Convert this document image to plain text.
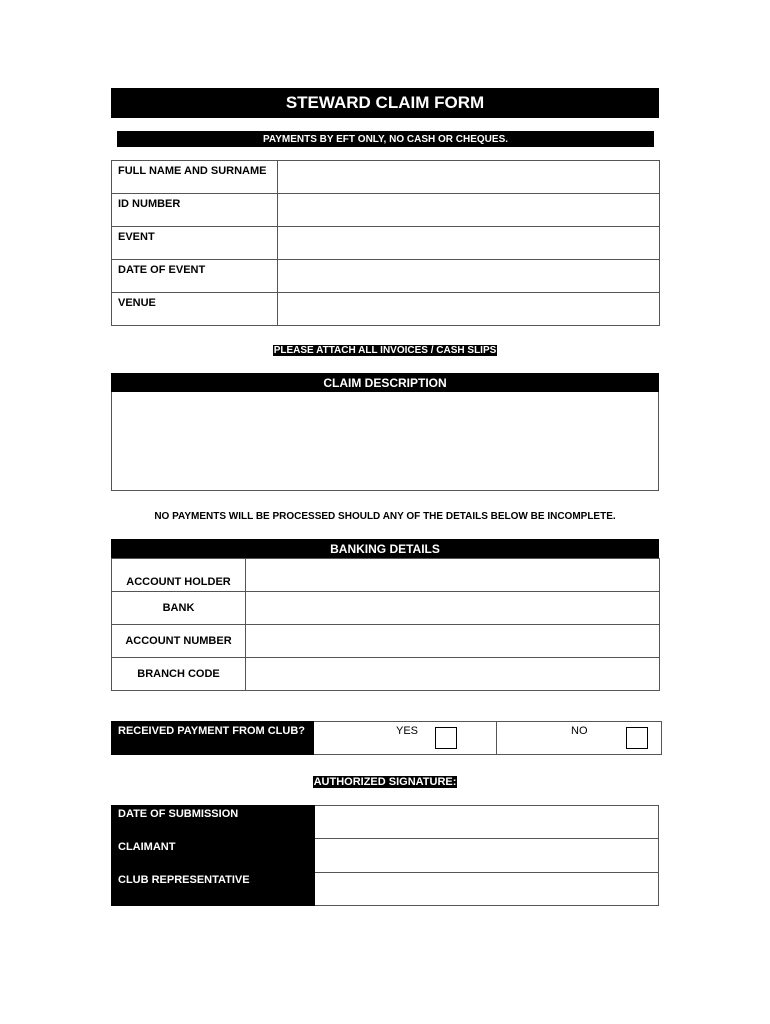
STEWARD CLAIM FORM
PAYMENTS BY EFT ONLY, NO CASH OR CHEQUES.
FULL NAME AND SURNAME	
ID NUMBER	
EVENT	
DATE OF EVENT	
VENUE	
PLEASE ATTACH ALL INVOICES / CASH SLIPS
CLAIM DESCRIPTION
NO PAYMENTS WILL BE PROCESSED SHOULD ANY OF THE DETAILS BELOW BE INCOMPLETE.
BANKING DETAILS
ACCOUNT HOLDER	
BANK	
ACCOUNT NUMBER	
BRANCH CODE	
RECEIVED PAYMENT FROM CLUB?	YES	NO
AUTHORIZED SIGNATURE:
DATE OF SUBMISSION
CLAIMANT
CLUB REPRESENTATIVE
